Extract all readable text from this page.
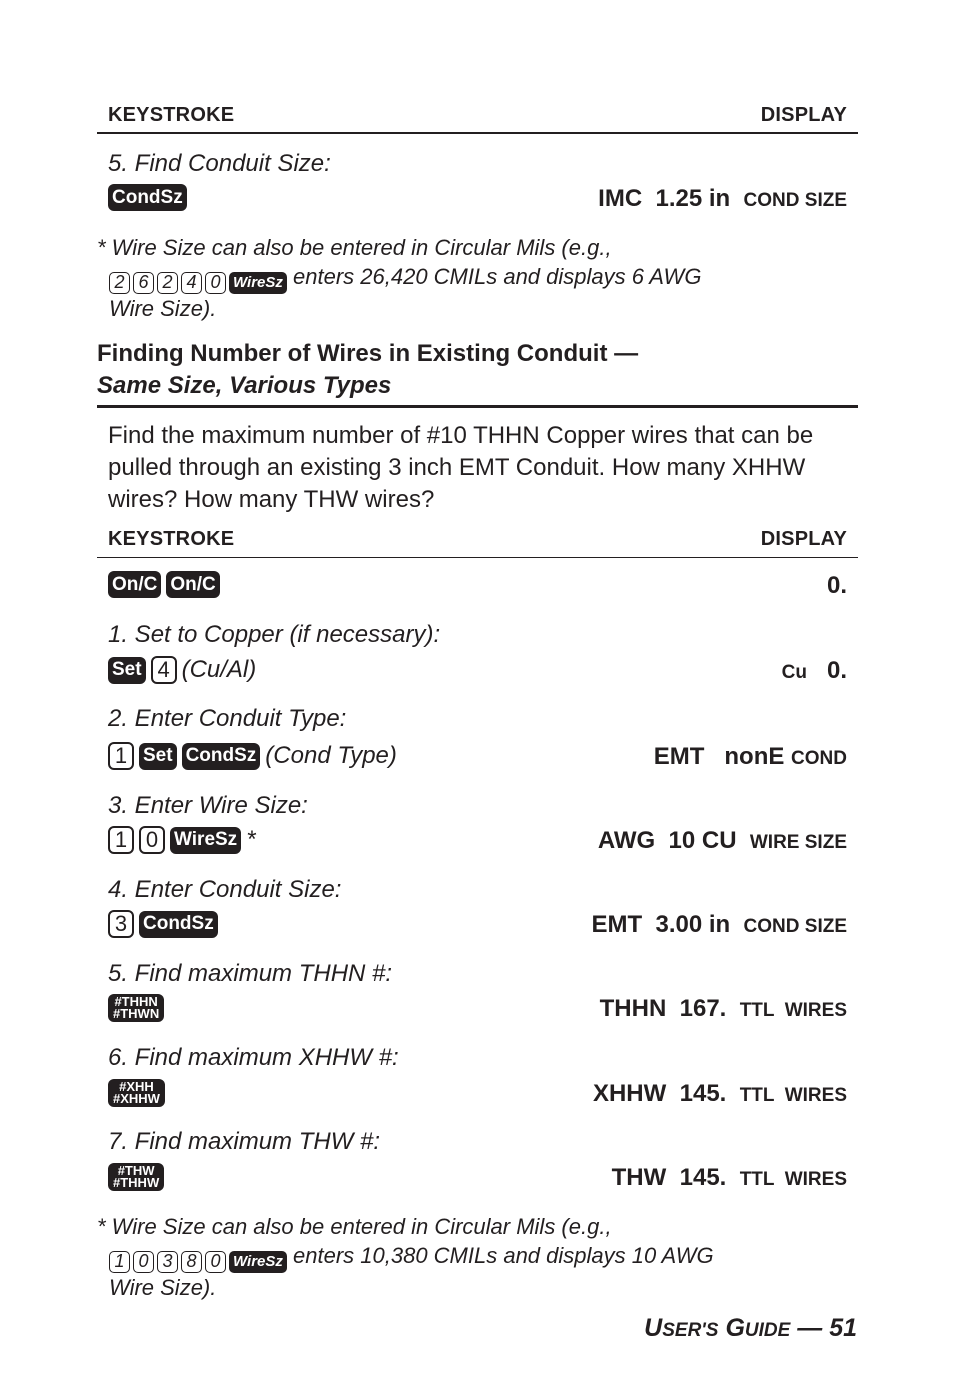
KEYSTROKE	DISPLAY
5. Find Conduit Size:
CondSz	IMC  1.25 in COND SIZE
* Wire Size can also be entered in Circular Mils (e.g.,
2 6 2 4 0 WireSz enters 26,420 CMILs and displays 6 AWG
Wire Size).
Finding Number of Wires in Existing Conduit —
Same Size, Various Types
Find the maximum number of #10 THHN Copper wires that can be
pulled through an existing 3 inch EMT Conduit. How many XHHW
wires? How many THW wires?
KEYSTROKE	DISPLAY
On/C On/C	0.
1. Set to Copper (if necessary):
Set 4 (Cu/Al)	Cu 0.
2. Enter Conduit Type:
1 Set CondSz (Cond Type)	EMT   nonE COND
3. Enter Wire Size:
1 0 WireSz *	AWG  10 CU WIRE SIZE
4. Enter Conduit Size:
3 CondSz	EMT  3.00 in COND SIZE
5. Find maximum THHN #:
#THHN
#THWN	THHN  167. TTL  WIRES
6. Find maximum XHHW #:
#XHH
#XHHW	XHHW  145. TTL  WIRES
7. Find maximum THW #:
#THW
#THHW	THW  145. TTL  WIRES
* Wire Size can also be entered in Circular Mils (e.g.,
1 0 3 8 0 WireSz enters 10,380 CMILs and displays 10 AWG
Wire Size).
USER'S GUIDE — 51
